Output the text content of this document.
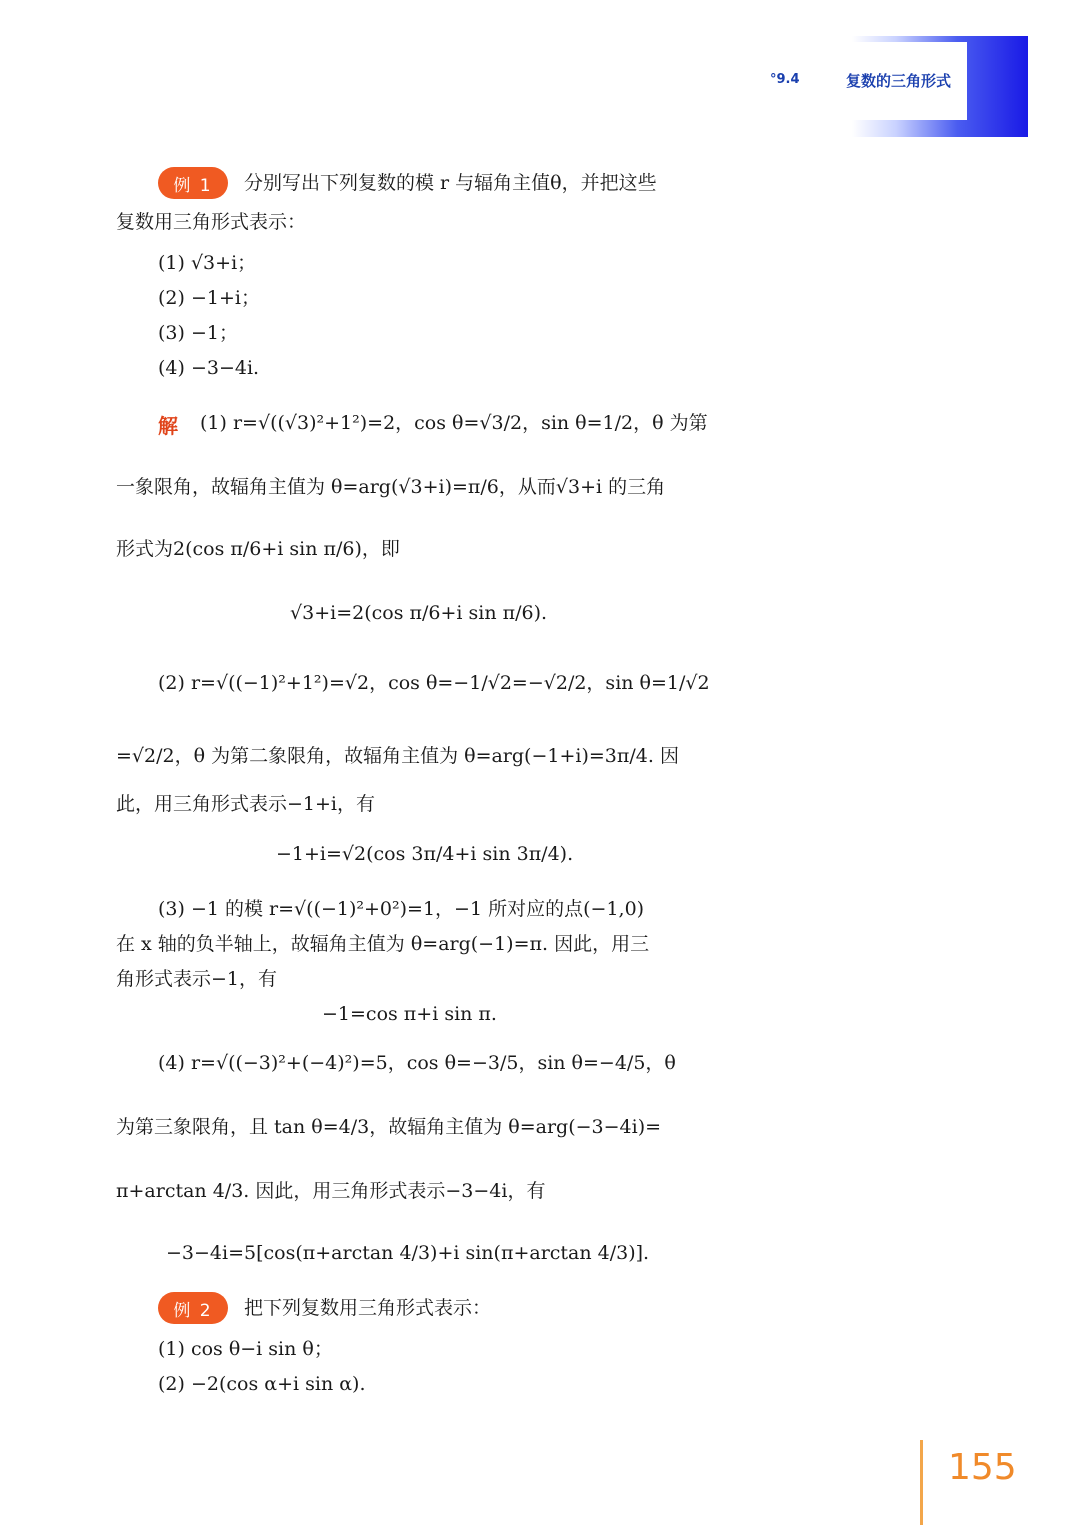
°9.4	复数的三角形式
例 1	分别写出下列复数的模 r 与辐角主值θ，并把这些
复数用三角形式表示：
(1) √3+i；
(2) −1+i；
(3) −1；
(4) −3−4i.
解 (1) r=√((√3)²+1²)=2，cos θ=√3/2，sin θ=1/2，θ 为第
一象限角，故辐角主值为 θ=arg(√3+i)=π/6，从而√3+i 的三角
形式为2(cos π/6+i sin π/6)，即
√3+i=2(cos π/6+i sin π/6).
(2) r=√((−1)²+1²)=√2，cos θ=−1/√2=−√2/2，sin θ=1/√2
=√2/2，θ 为第二象限角，故辐角主值为 θ=arg(−1+i)=3π/4. 因
此，用三角形式表示−1+i，有
−1+i=√2(cos 3π/4+i sin 3π/4).
(3) −1 的模 r=√((−1)²+0²)=1，−1 所对应的点(−1,0)
在 x 轴的负半轴上，故辐角主值为 θ=arg(−1)=π. 因此，用三
角形式表示−1，有
−1=cos π+i sin π.
(4) r=√((−3)²+(−4)²)=5，cos θ=−3/5，sin θ=−4/5，θ
为第三象限角，且 tan θ=4/3，故辐角主值为 θ=arg(−3−4i)=
π+arctan 4/3. 因此，用三角形式表示−3−4i，有
−3−4i=5[cos(π+arctan 4/3)+i sin(π+arctan 4/3)].
例 2	把下列复数用三角形式表示：
(1) cos θ−i sin θ；
(2) −2(cos α+i sin α).
155
